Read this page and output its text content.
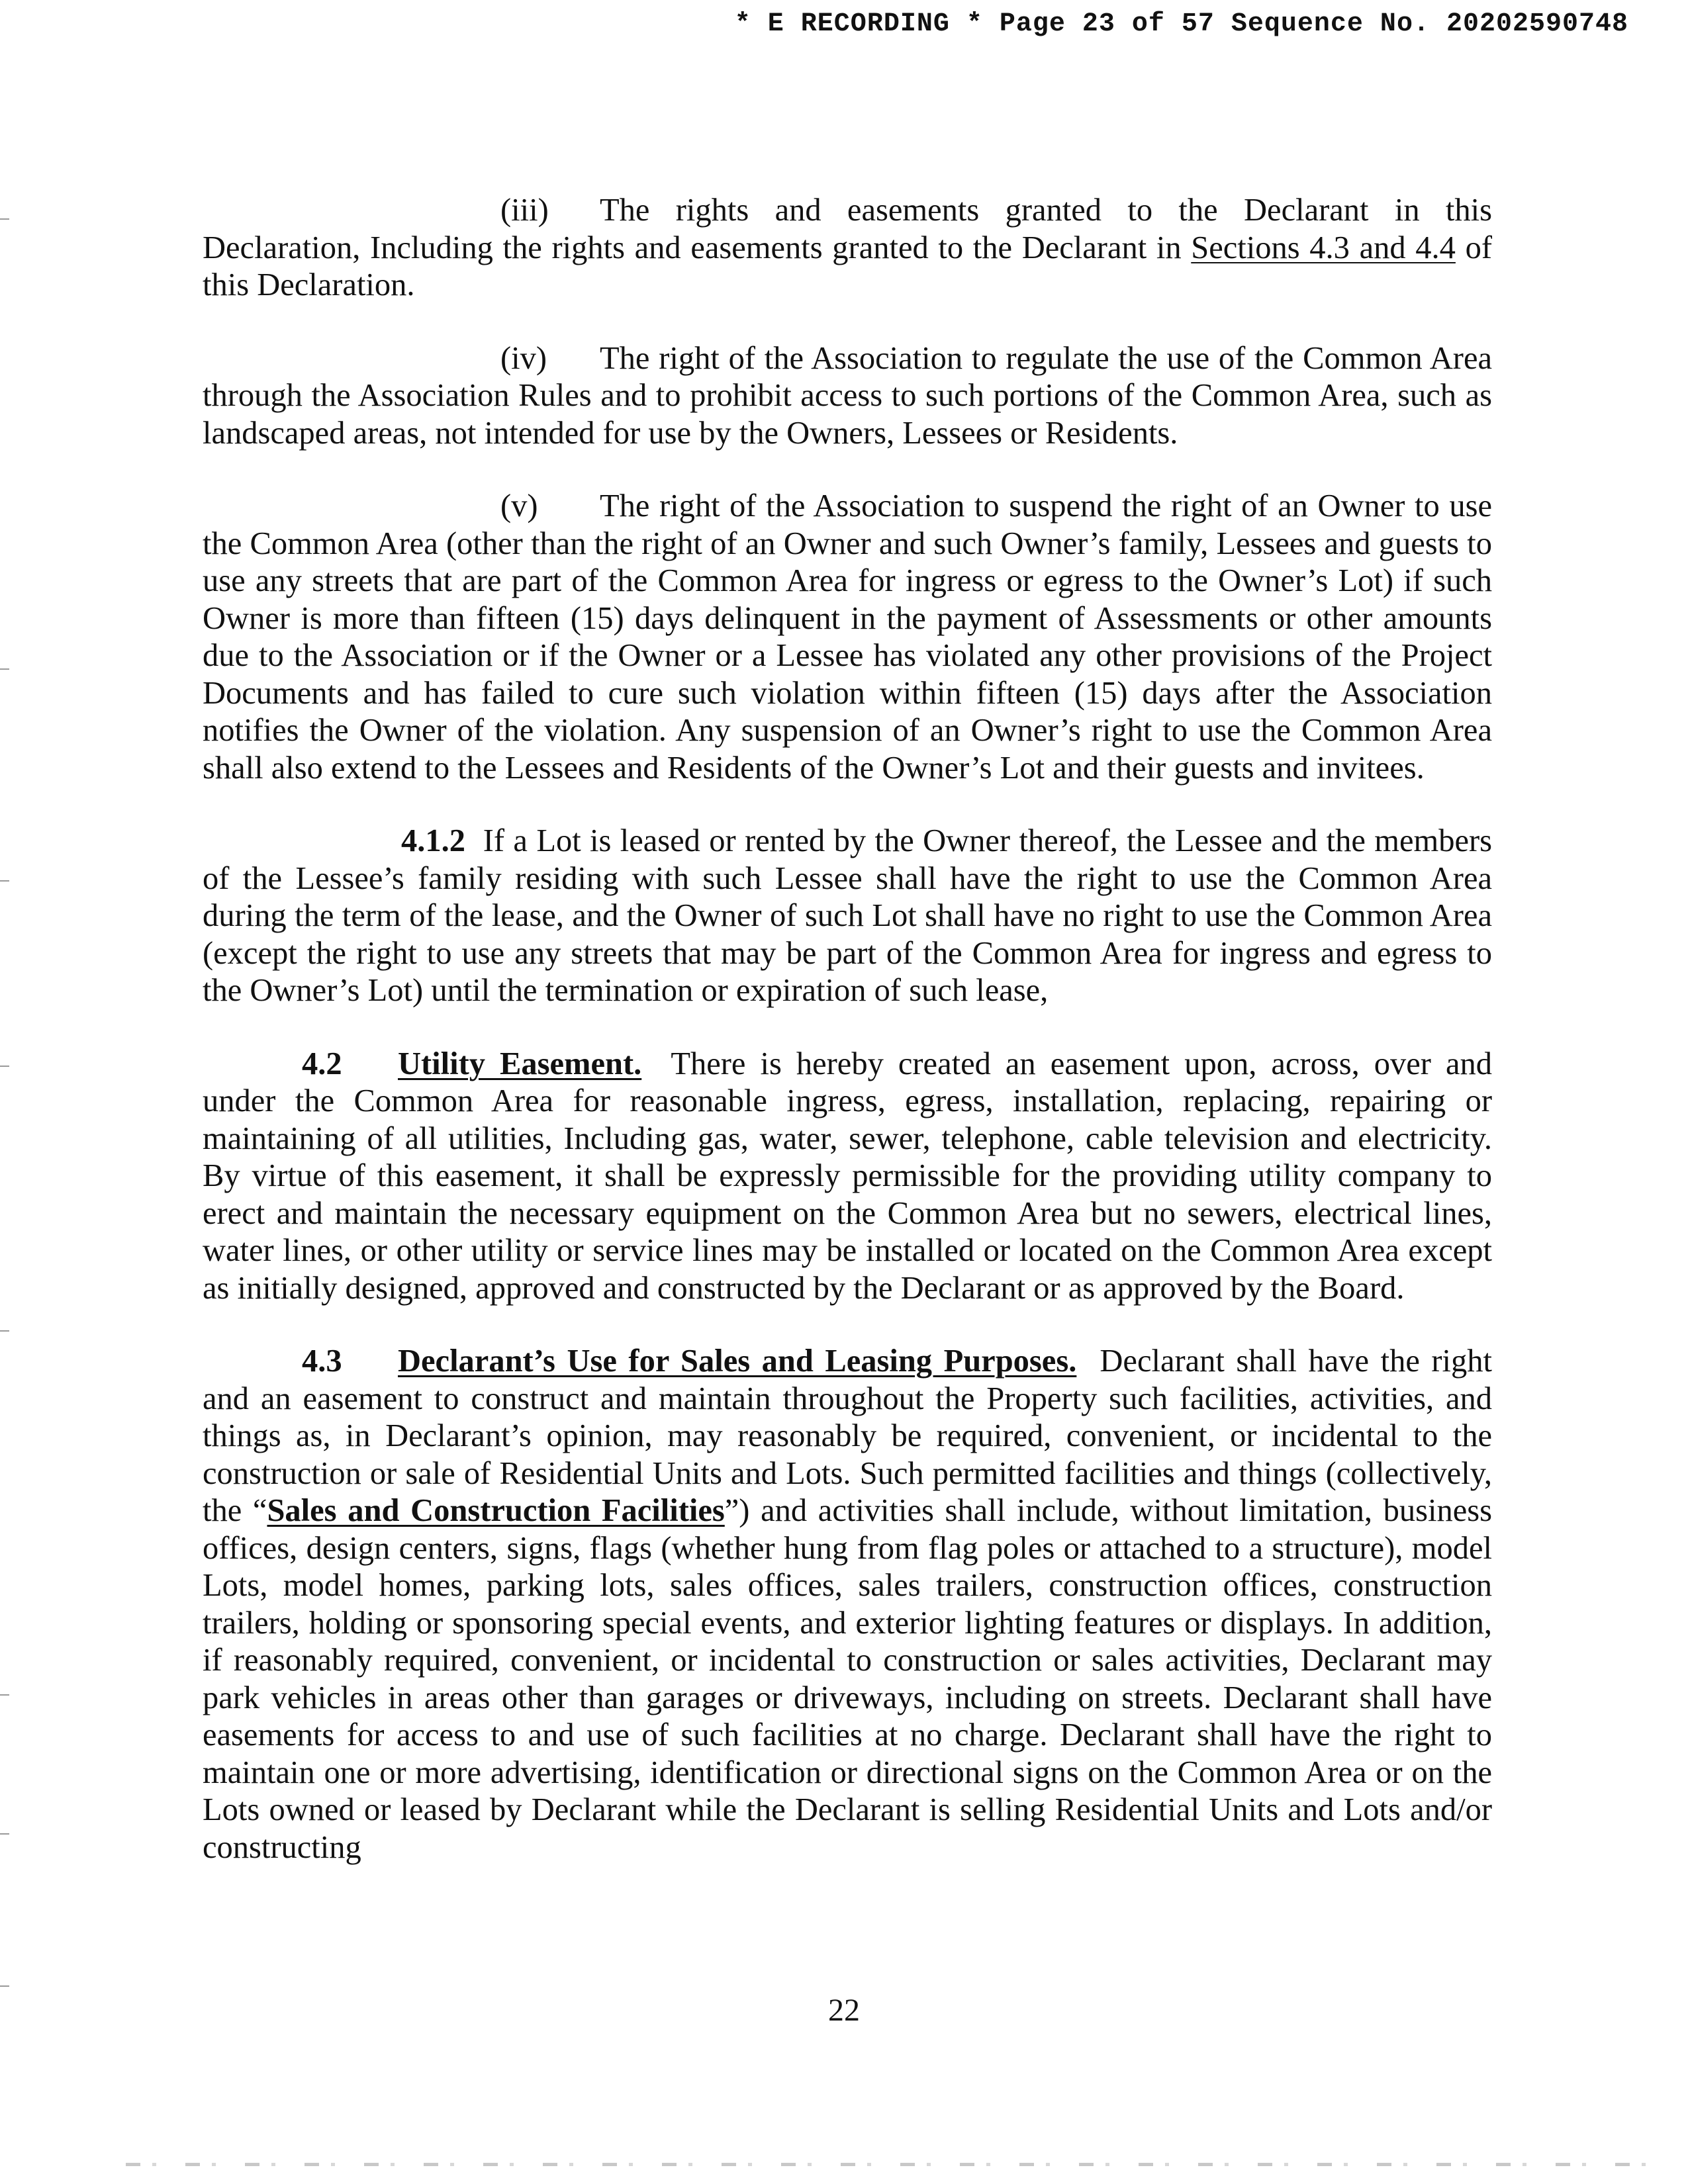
* E RECORDING * Page 23 of 57 Sequence No. 20202590748

(iii) The rights and easements granted to the Declarant in this Declaration, Including the rights and easements granted to the Declarant in Sections 4.3 and 4.4 of this Declaration.

(iv) The right of the Association to regulate the use of the Common Area through the Association Rules and to prohibit access to such portions of the Common Area, such as landscaped areas, not intended for use by the Owners, Lessees or Residents.

(v) The right of the Association to suspend the right of an Owner to use the Common Area (other than the right of an Owner and such Owner’s family, Lessees and guests to use any streets that are part of the Common Area for ingress or egress to the Owner’s Lot) if such Owner is more than fifteen (15) days delinquent in the payment of Assessments or other amounts due to the Association or if the Owner or a Lessee has violated any other provisions of the Project Documents and has failed to cure such violation within fifteen (15) days after the Association notifies the Owner of the violation. Any suspension of an Owner’s right to use the Common Area shall also extend to the Lessees and Residents of the Owner’s Lot and their guests and invitees.

4.1.2 If a Lot is leased or rented by the Owner thereof, the Lessee and the members of the Lessee’s family residing with such Lessee shall have the right to use the Common Area during the term of the lease, and the Owner of such Lot shall have no right to use the Common Area (except the right to use any streets that may be part of the Common Area for ingress and egress to the Owner’s Lot) until the termination or expiration of such lease,

4.2 Utility Easement. There is hereby created an easement upon, across, over and under the Common Area for reasonable ingress, egress, installation, replacing, repairing or maintaining of all utilities, Including gas, water, sewer, telephone, cable television and electricity. By virtue of this easement, it shall be expressly permissible for the providing utility company to erect and maintain the necessary equipment on the Common Area but no sewers, electrical lines, water lines, or other utility or service lines may be installed or located on the Common Area except as initially designed, approved and constructed by the Declarant or as approved by the Board.

4.3 Declarant’s Use for Sales and Leasing Purposes. Declarant shall have the right and an easement to construct and maintain throughout the Property such facilities, activities, and things as, in Declarant’s opinion, may reasonably be required, convenient, or incidental to the construction or sale of Residential Units and Lots. Such permitted facilities and things (collectively, the “Sales and Construction Facilities”) and activities shall include, without limitation, business offices, design centers, signs, flags (whether hung from flag poles or attached to a structure), model Lots, model homes, parking lots, sales offices, sales trailers, construction offices, construction trailers, holding or sponsoring special events, and exterior lighting features or displays. In addition, if reasonably required, convenient, or incidental to construction or sales activities, Declarant may park vehicles in areas other than garages or driveways, including on streets. Declarant shall have easements for access to and use of such facilities at no charge. Declarant shall have the right to maintain one or more advertising, identification or directional signs on the Common Area or on the Lots owned or leased by Declarant while the Declarant is selling Residential Units and Lots and/or constructing

22
